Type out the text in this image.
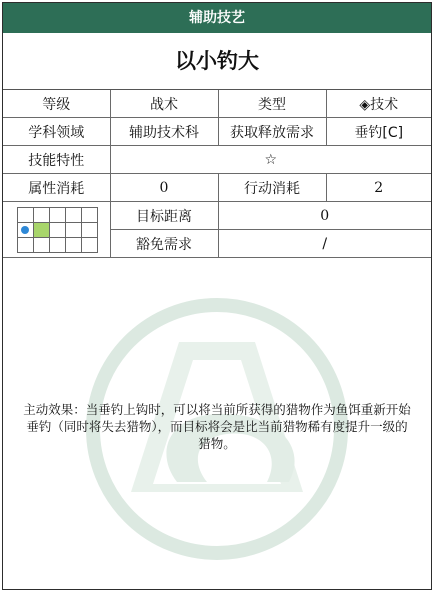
辅助技艺
以小钓大
等级	战术	类型	◈技术
学科领域	辅助技术科	获取释放需求	垂钓[C]
技能特性	☆		
属性消耗	0	行动消耗	2

	目标距离	0	
	豁免需求	/	
主动效果：当垂钓上钩时，可以将当前所获得的猎物作为鱼饵重新开始垂钓（同时将失去猎物），而目标将会是比当前猎物稀有度提升一级的猎物。
